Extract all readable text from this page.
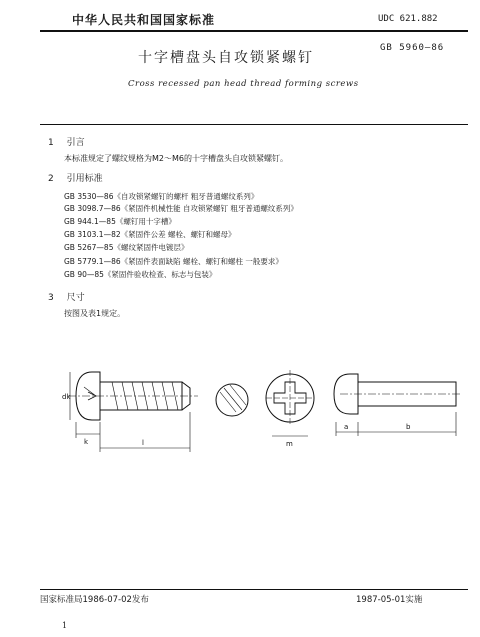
中华人民共和国国家标准	UDC 621.882
GB 5960—86
十字槽盘头自攻锁紧螺钉
Cross recessed pan head thread forming screws
1 引言
本标准规定了螺纹规格为M2～M6的十字槽盘头自攻锁紧螺钉。
2 引用标准
GB 3530—86《自攻锁紧螺钉的螺杆 粗牙普通螺纹系列》
GB 3098.7—86《紧固件机械性能 自攻锁紧螺钉 粗牙普通螺纹系列》
GB 944.1—85《螺钉用十字槽》
GB 3103.1—82《紧固件公差 螺栓、螺钉和螺母》
GB 5267—85《螺纹紧固件电镀层》
GB 5779.1—86《紧固件表面缺陷 螺栓、螺钉和螺柱 一般要求》
GB 90—85《紧固件验收检查、标志与包装》
3 尺寸
按图及表1规定。
dk
k	l	m
b
a
国家标准局1986-07-02发布	1987-05-01实施
1
